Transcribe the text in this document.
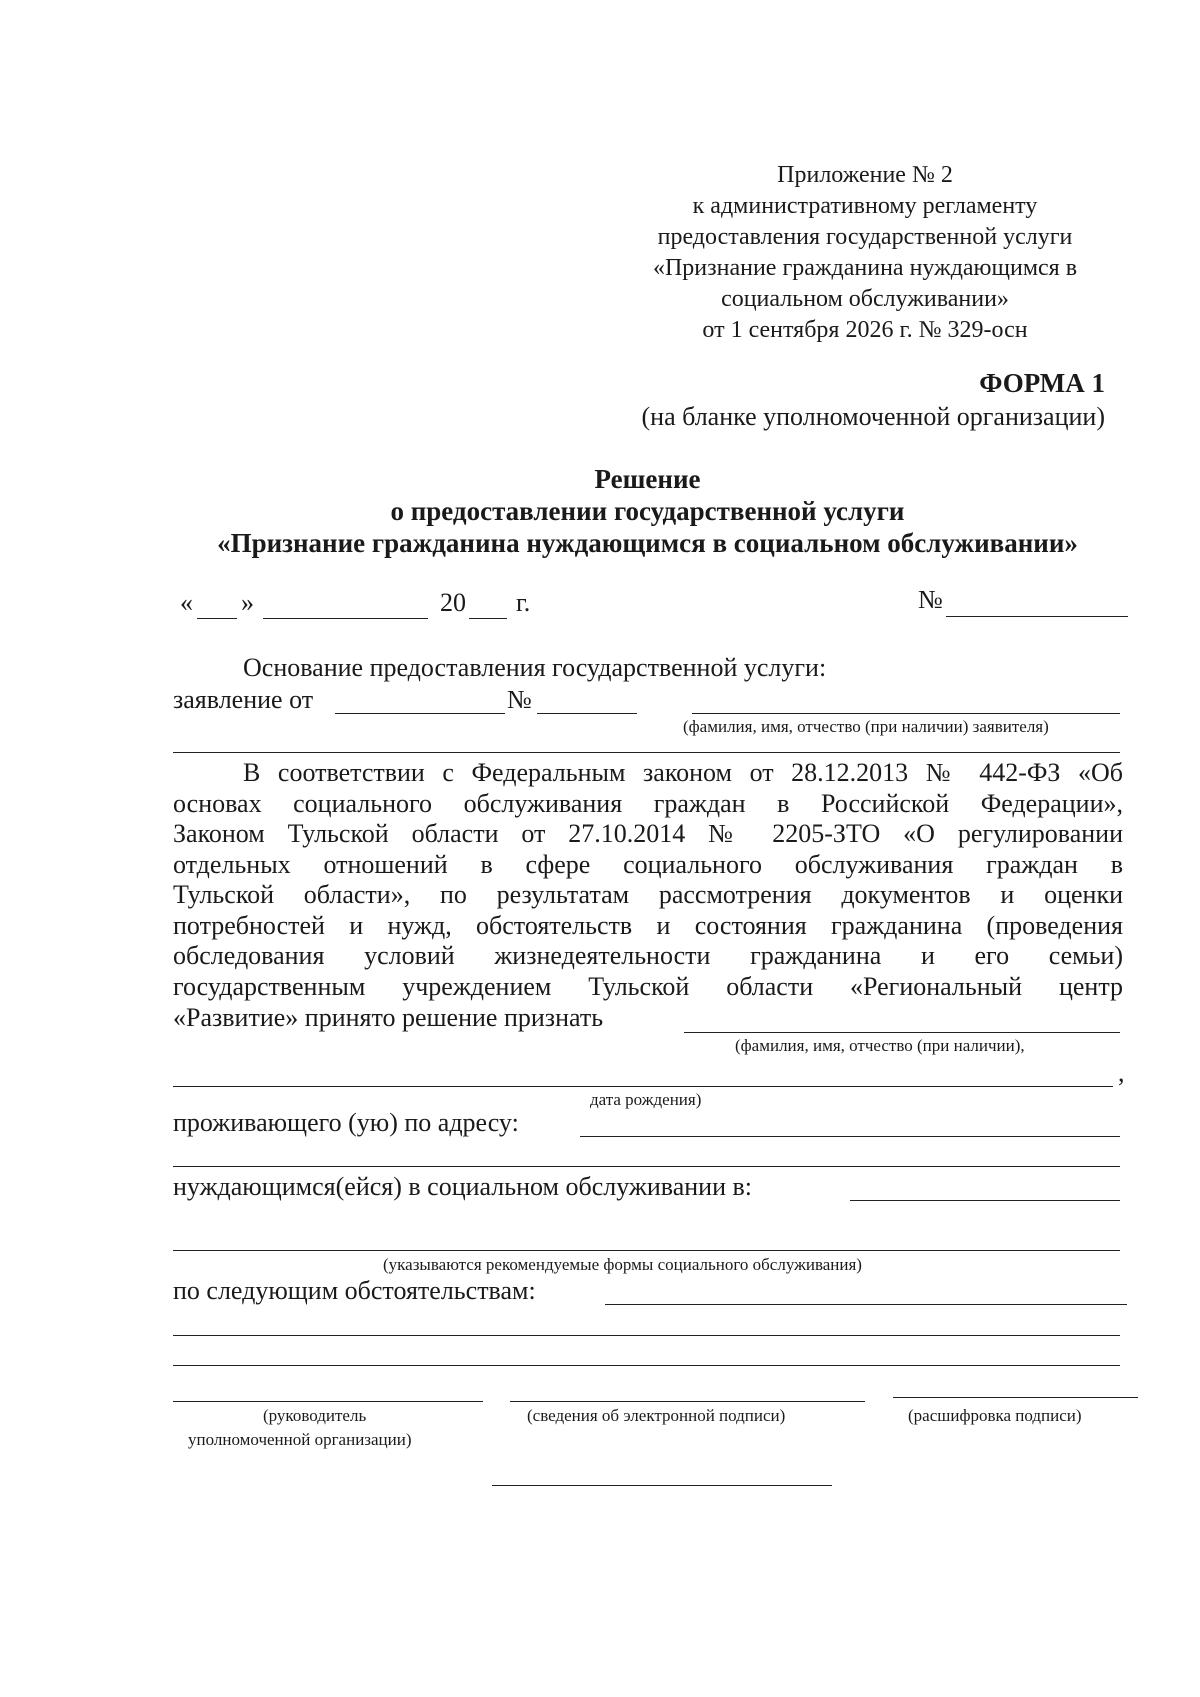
Приложение № 2
к административному регламенту
предоставления государственной услуги
«Признание гражданина нуждающимся в
социальном обслуживании»
от 1 сентября 2026 г. № 329-осн
ФОРМА 1
(на бланке уполномоченной организации)
Решение
о предоставлении государственной услуги
«Признание гражданина нуждающимся в социальном обслуживании»
« »	20 г.	№
Основание предоставления государственной услуги:
заявление от	№
(фамилия, имя, отчество (при наличии) заявителя)
В соответствии с Федеральным законом от 28.12.2013 № 442-ФЗ «Об
основах социального обслуживания граждан в Российской Федерации»,
Законом Тульской области от 27.10.2014 № 2205-ЗТО «О регулировании
отдельных отношений в сфере социального обслуживания граждан в
Тульской области», по результатам рассмотрения документов и оценки
потребностей и нужд, обстоятельств и состояния гражданина (проведения
обследования условий жизнедеятельности гражданина и его семьи)
государственным учреждением Тульской области «Региональный центр
«Развитие» принято решение признать
(фамилия, имя, отчество (при наличии),
,
дата рождения)
проживающего (ую) по адресу:
нуждающимся(ейся) в социальном обслуживании в:
(указываются рекомендуемые формы социального обслуживания)
по следующим обстоятельствам:
(руководитель
уполномоченной организации)
(сведения об электронной подписи)	(расшифровка подписи)
